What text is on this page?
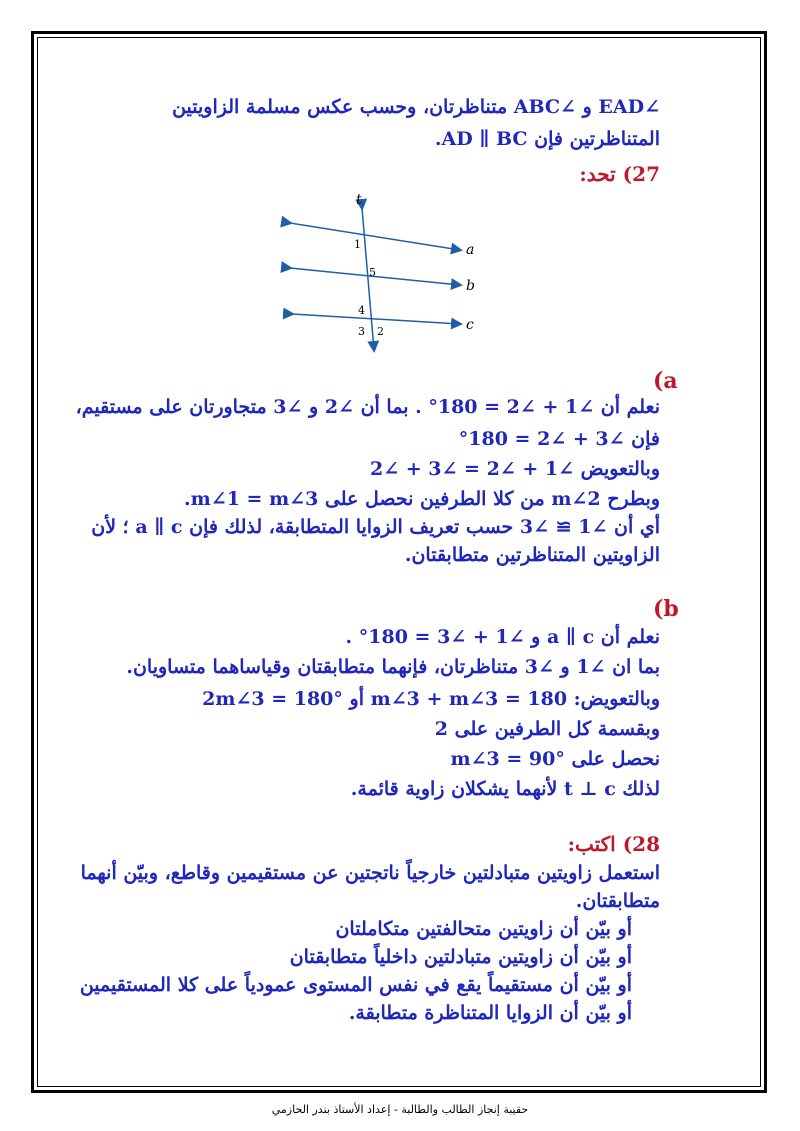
∠EAD و ∠ABC متناظرتان، وحسب عكس مسلمة الزاويتين
المتناظرتين فإن AD ∥ BC.
27) تحد:
t
a
b
c
1
5
4
3 2
(a
نعلم أن ∠1 + ∠2 = 180° . بما أن ∠2 و ∠3 متجاورتان على مستقيم،
فإن ∠3 + ∠2 = 180°
وبالتعويض ∠1 + ∠2 = ∠3 + ∠2
وبطرح m∠2 من كلا الطرفين نحصل على m∠1 = m∠3.
أي أن ∠1 ≅ ∠3 حسب تعريف الزوايا المتطابقة، لذلك فإن a ∥ c ؛ لأن
الزاويتين المتناظرتين متطابقتان.
(b
نعلم أن a ∥ c و ∠1 + ∠3 = 180° .
بما ان ∠1 و ∠3 متناظرتان، فإنهما متطابقتان وقياساهما متساويان.
وبالتعويض: m∠3 + m∠3 = 180 أو 2m∠3 = 180°
وبقسمة كل الطرفين على 2
نحصل على m∠3 = 90°
لذلك t ⊥ c لأنهما يشكلان زاوية قائمة.
28) اكتب:
استعمل زاويتين متبادلتين خارجياً ناتجتين عن مستقيمين وقاطع، وبيّن أنهما
متطابقتان.
أو بيّن أن زاويتين متحالفتين متكاملتان
أو بيّن أن زاويتين متبادلتين داخلياً متطابقتان
أو بيّن أن مستقيماً يقع في نفس المستوى عمودياً على كلا المستقيمين
أو بيّن أن الزوايا المتناظرة متطابقة.
حقيبة إنجاز الطالب والطالبة - إعداد الأستاذ بندر الحازمي
